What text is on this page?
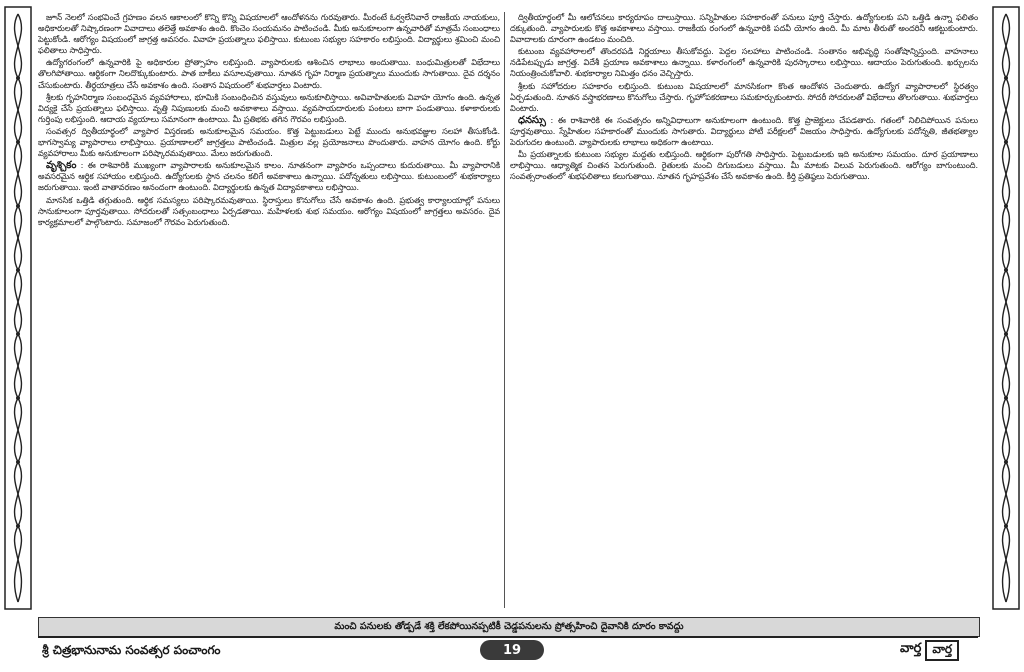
జూన్ నెలలో సంభవించే గ్రహణం వలన ఆకాలంలో కొన్ని కొన్ని విషయాలలో ఆందోళనను గురవుతారు. మీరంటే ఓర్వలేనివారే రాజకీయ నాయకులు, అధికారులతో నిష్కారణంగా వివాదాలు తలెత్తే అవకాశం ఉంది. కొంచెం సంయమనం పాటించండి. మీకు అనుకూలంగా ఉన్నవారితో మాత్రమే సంబంధాలు పెట్టుకోండి. ఆరోగ్యం విషయంలో జాగ్రత్త అవసరం. వివాహ ప్రయత్నాలు ఫలిస్తాయి. కుటుంబ సభ్యుల సహకారం లభిస్తుంది. విద్యార్థులు శ్రమించి మంచి ఫలితాలు సాధిస్తారు.

ఉద్యోగరంగంలో ఉన్నవారికి పై అధికారుల ప్రోత్సాహం లభిస్తుంది. వ్యాపారులకు ఆశించిన లాభాలు అందుతాయి. బంధుమిత్రులతో విభేదాలు తొలగిపోతాయి. ఆర్థికంగా నిలదొక్కుకుంటారు. పాత బాకీలు వసూలవుతాయి. నూతన గృహ నిర్మాణ ప్రయత్నాలు ముందుకు సాగుతాయి. దైవ దర్శనం చేసుకుంటారు. తీర్థయాత్రలు చేసే అవకాశం ఉంది. సంతాన విషయంలో శుభవార్తలు వింటారు.

శ్రీలకు గృహనిర్మాణ సంబంధమైన వ్యవహారాలు, భూమికి సంబంధించిన వస్తువులు అనుకూలిస్తాయి. అవివాహితులకు వివాహ యోగం ఉంది. ఉన్నత విద్యకై చేసే ప్రయత్నాలు ఫలిస్తాయి. వృత్తి నిపుణులకు మంచి అవకాశాలు వస్తాయి. వ్యవసాయదారులకు పంటలు బాగా పండుతాయి. కళాకారులకు గుర్తింపు లభిస్తుంది. ఆదాయ వ్యయాలు సమానంగా ఉంటాయి. మీ ప్రతిభకు తగిన గౌరవం లభిస్తుంది.

సంవత్సర ద్వితీయార్థంలో వ్యాపార విస్తరణకు అనుకూలమైన సమయం. కొత్త పెట్టుబడులు పెట్టే ముందు అనుభవజ్ఞుల సలహా తీసుకోండి. భాగస్వామ్య వ్యాపారాలు లాభిస్తాయి. ప్రయాణాలలో జాగ్రత్తలు పాటించండి. మిత్రుల వల్ల ప్రయోజనాలు పొందుతారు. వాహన యోగం ఉంది. కోర్టు వ్యవహారాలు మీకు అనుకూలంగా పరిష్కారమవుతాయి. మేలు జరుగుతుంది.

వృశ్చికం : ఈ రాశివారికి ముఖ్యంగా వ్యాపారాలకు అనుకూలమైన కాలం. నూతనంగా వ్యాపారం ఒప్పందాలు కుదురుతాయి. మీ వ్యాపారానికి అవసరమైన ఆర్థిక సహాయం లభిస్తుంది. ఉద్యోగులకు స్థాన చలనం కలిగే అవకాశాలు ఉన్నాయి. పదోన్నతులు లభిస్తాయి. కుటుంబంలో శుభకార్యాలు జరుగుతాయి. ఇంటి వాతావరణం ఆనందంగా ఉంటుంది. విద్యార్థులకు ఉన్నత విద్యావకాశాలు లభిస్తాయి.

మానసిక ఒత్తిడి తగ్గుతుంది. ఆర్థిక సమస్యలు పరిష్కారమవుతాయి. స్థిరాస్తులు కొనుగోలు చేసే అవకాశం ఉంది. ప్రభుత్వ కార్యాలయాల్లో పనులు సానుకూలంగా పూర్తవుతాయి. సోదరులతో సత్సంబంధాలు ఏర్పడతాయి. మహిళలకు శుభ సమయం. ఆరోగ్యం విషయంలో జాగ్రత్తలు అవసరం. దైవ కార్యక్రమాలలో పాల్గొంటారు. సమాజంలో గౌరవం పెరుగుతుంది.

ద్వితీయార్థంలో మీ ఆలోచనలు కార్యరూపం దాలుస్తాయి. సన్నిహితుల సహకారంతో పనులు పూర్తి చేస్తారు. ఉద్యోగులకు పని ఒత్తిడి ఉన్నా ఫలితం దక్కుతుంది. వ్యాపారులకు కొత్త అవకాశాలు వస్తాయి. రాజకీయ రంగంలో ఉన్నవారికి పదవీ యోగం ఉంది. మీ మాట తీరుతో అందరినీ ఆకట్టుకుంటారు. వివాదాలకు దూరంగా ఉండటం మంచిది.

కుటుంబ వ్యవహారాలలో తొందరపడి నిర్ణయాలు తీసుకోవద్దు. పెద్దల సలహాలు పాటించండి. సంతానం అభివృద్ధి సంతోషాన్నిస్తుంది. వాహనాలు నడిపేటప్పుడు జాగ్రత్త. విదేశీ ప్రయాణ అవకాశాలు ఉన్నాయి. కళారంగంలో ఉన్నవారికి పురస్కారాలు లభిస్తాయి. ఆదాయం పెరుగుతుంది. ఖర్చులను నియంత్రించుకోవాలి. శుభకార్యాల నిమిత్తం ధనం వెచ్చిస్తారు.

శ్రీలకు సహోదరుల సహకారం లభిస్తుంది. కుటుంబ విషయాలలో మానసికంగా కొంత ఆందోళన చెందుతారు. ఉద్యోగ వ్యాపారాలలో స్థిరత్వం ఏర్పడుతుంది. నూతన వస్త్రాభరణాలు కొనుగోలు చేస్తారు. గృహోపకరణాలు సమకూర్చుకుంటారు. సోదరీ సోదరులతో విభేదాలు తొలగుతాయి. శుభవార్తలు వింటారు.

ధనస్సు : ఈ రాశివారికి ఈ సంవత్సరం అన్నివిధాలుగా అనుకూలంగా ఉంటుంది. కొత్త ప్రాజెక్టులు చేపడతారు. గతంలో నిలిచిపోయిన పనులు పూర్తవుతాయి. స్నేహితుల సహకారంతో ముందుకు సాగుతారు. విద్యార్థులు పోటీ పరీక్షలలో విజయం సాధిస్తారు. ఉద్యోగులకు పదోన్నతి, జీతభత్యాల పెరుగుదల ఉంటుంది. వ్యాపారులకు లాభాలు అధికంగా ఉంటాయి.

మీ ప్రయత్నాలకు కుటుంబ సభ్యుల మద్దతు లభిస్తుంది. ఆర్థికంగా పురోగతి సాధిస్తారు. పెట్టుబడులకు ఇది అనుకూల సమయం. దూర ప్రయాణాలు లాభిస్తాయి. ఆధ్యాత్మిక చింతన పెరుగుతుంది. రైతులకు మంచి దిగుబడులు వస్తాయి. మీ మాటకు విలువ పెరుగుతుంది. ఆరోగ్యం బాగుంటుంది. సంవత్సరాంతంలో శుభఫలితాలు కలుగుతాయి. నూతన గృహప్రవేశం చేసే అవకాశం ఉంది. కీర్తి ప్రతిష్ఠలు పెరుగుతాయి.

మంచి పనులకు తోడ్పడే శక్తి లేకపోయినప్పటికీ చెడ్డపనులను ప్రోత్సహించి దైవానికి దూరం కావద్దు
శ్రీ చిత్రభానునామ సంవత్సర పంచాంగం	19	వార్త వార్త
